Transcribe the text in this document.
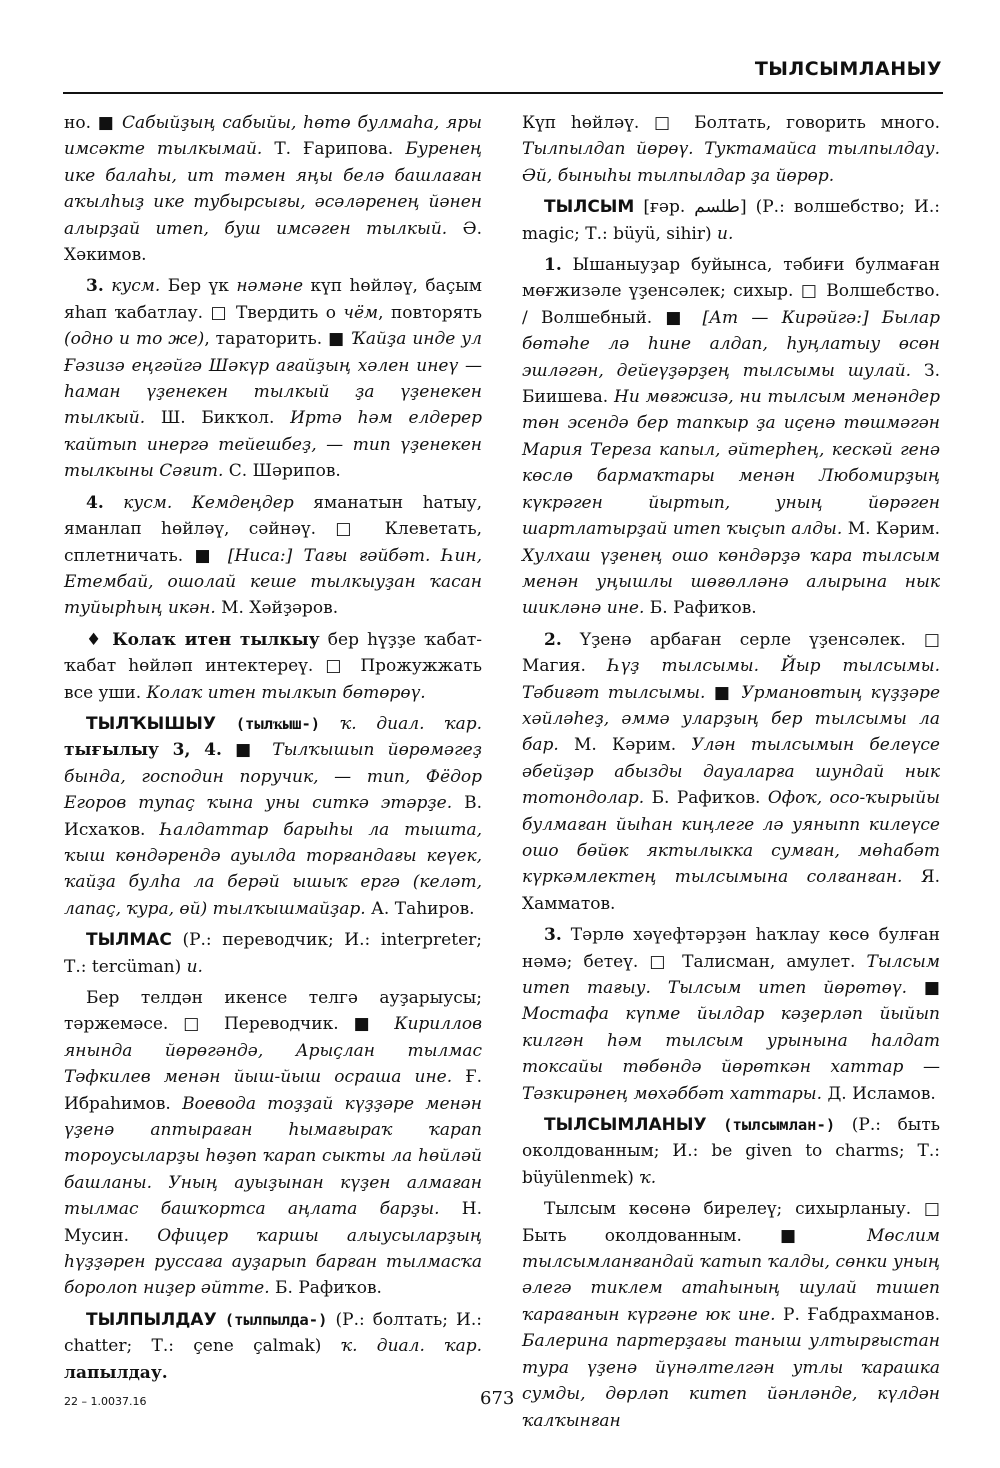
ТЫЛСЫМЛАНЫУ

но. ■ Сабыйҙың сабыйы, һөтө булмаһа, яры имсәкте тылкымай. Т. Ғарипова. Буренең ике балаһы, ит тәмен яңы белә башлаған аҡылһыҙ ике тубырсығы, әсәләренең йәнен алырҙай итеп, буш имсәген тылкый. Ә. Хәкимов.

3. кусм. Бер үк нәмәне күп һөйләү, баҫым яһап ҡабатлау. □ Твердить о чём, повторять (одно и то же), тараторить. ■ Ҡайҙа инде ул Ғәзизә еңгәйгә Шәкүр ағайҙың хәлен инеү — һаман үҙенекен тылкый ҙа үҙенекен тылкый. Ш. Бикҡол. Иртә һәм елдерер ҡайтып инергә тейешбеҙ, — тип үҙенекен тылкыны Сәғит. С. Шәрипов.

4. кусм. Кемдеңдер яманатын һатыу, яманлап һөйләү, сәйнәү. □ Клеветать, сплетничать. ■ [Ниса:] Тағы ғәйбәт. Һин, Етембай, ошолай кеше тылкыуҙан ҡасан туйырһың икән. М. Хәйҙәров.

♦ Колаҡ итен тылкыу бер һүҙҙе ҡабат-ҡабат һөйләп интектереү. □ Прожужжать все уши. Колаҡ итен тылкып бөтөрөү.

ТЫЛҠЫШЫУ (тылҡыш-) ҡ. диал. ҡар. тығылыу 3, 4. ■ Тылҡышып йөрөмәгеҙ бында, господин поручик, — тип, Фёдор Егоров тупаҫ ҡына уны ситкә этәрҙе. В. Исхаҡов. Һалдаттар барыһы ла тышта, ҡыш көндәрендә ауылда торғандағы кеүек, ҡайҙа булһа ла берәй ышыҡ ергә (келәт, лапаҫ, ҡура, өй) тылҡышмайҙар. А. Таһиров.

ТЫЛМАС (Р.: переводчик; И.: interpreter; Т.: tercüman) и.

Бер телдән икенсе телгә ауҙарыусы; тәржемәсе. □ Переводчик. ■ Кириллов янында йөрөгәндә, Арыҫлан тылмас Тәфкилев менән йыш-йыш осраша ине. Ғ. Ибраһимов. Воевода тоҙҙай күҙҙәре менән үҙенә аптыраған һымағыраҡ ҡарап тороусыларҙы һөҙөп ҡарап сыкты ла һөйләй башланы. Уның ауыҙынан күҙен алмаған тылмас башҡортса аңлата барҙы. Н. Мусин. Офицер ҡаршы алыусыларҙың һүҙҙәрен руссаға ауҙарып барған тылмасҡа боролоп ниҙер әйтте. Б. Рафиҡов.

ТЫЛПЫЛДАУ (тылпылда-) (Р.: болтать; И.: chatter; Т.: çene çalmak) ҡ. диал. ҡар. лапылдау.

Күп һөйләү. □ Болтать, говорить много. Тылпылдап йөрөү. Туктамайса тылпылдау. Әй, быныһы тылпылдар ҙа йөрөр.

ТЫЛСЫМ [ғәр. طلسم] (Р.: волшебство; И.: magic; Т.: büyü, sihir) и.

1. Ышаныуҙар буйынса, тәбиғи булмаған мөғжизәле үҙенсәлек; сихыр. □ Волшебство. / Волшебный. ■ [Ат — Кирәйгә:] Былар бөтәһе лә һине алдап, һуңлатыу өсөн эшләгән, дейеүҙәрҙең тылсымы шулай. З. Биишева. Ни мөғжизә, ни тылсым менәндер төн эсендә бер тапкыр ҙа иҫенә төшмәгән Мария Тереза капыл, әйтерһең, кескәй генә көслө бармаҡтары менән Любомирҙың күкрәген йыртып, уның йөрәген шартлатырҙай итеп ҡыҫып алды. М. Кәрим. Хулхаш үҙенең ошо көндәрҙә ҡара тылсым менән уңышлы шөғөлләнә алырына нык шикләнә ине. Б. Рафиҡов.

2. Үҙенә арбаған серле үҙенсәлек. □ Магия. Һүҙ тылсымы. Йыр тылсымы. Тәбиғәт тылсымы. ■ Урмановтың күҙҙәре хәйләһеҙ, әммә уларҙың бер тылсымы ла бар. М. Кәрим. Улән тылсымын белеүсе әбейҙәр абызды дауаларға шундай нык тотондолар. Б. Рафиҡов. Офоҡ, осо-ҡырыйы булмаған йыһан киңлеге лә уяныпп килеүсе ошо бөйөк яктылыкка сумған, мөһабәт күркәмлектең тылсымына солғанған. Я. Хамматов.

3. Тәрлө хәүефтәрҙән һаҡлау көсө булған нәмә; бетеү. □ Талисман, амулет. Тылсым итеп тағыу. Тылсым итеп йөрөтөү. ■ Мостафа күпме йылдар кәҙерләп йыйып килгән һәм тылсым урынына һалдат токсайы төбөндә йөрөткән хаттар — Тәзкирәнең мөхәббәт хаттары. Д. Исламов.

ТЫЛСЫМЛАНЫУ (тылсымлан-) (Р.: быть околдованным; И.: be given to charms; Т.: büyülenmek) ҡ.

Тылсым көсөнә бирелеү; сихырланыу. □ Быть околдованным. ■ Мөслим тылсымланғандай ҡатып ҡалды, сөнки уның әлегә тиклем атаһының шулай тишеп ҡарағанын күргәне юк ине. Р. Ғабдрахманов. Балерина партерҙағы таныш ултырғыстан тура үҙенә йүнәлтелгән утлы ҡарашка сумды, дөрләп китеп йәнләнде, күлдән ҡалҡынған

22 – 1.0037.16	673
